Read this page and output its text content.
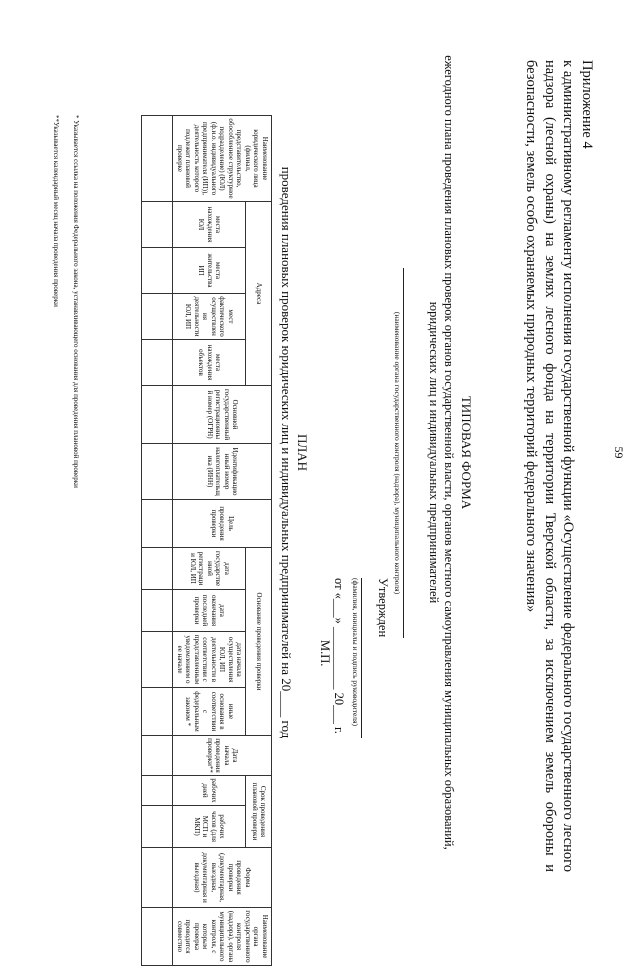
59
Приложение 4
к административному регламенту исполнения государственной функции «Осуществление федерального государственного лесного надзора (лесной охраны) на землях лесного фонда на территории Тверской области, за исключением земель обороны и безопасности, земель особо охраняемых природных территорий федерального значения»
ТИПОВАЯ ФОРМА
ежегодного плана проведения плановых проверок органов государственной власти, органов местного самоуправления муниципальных образований, юридических лиц и индивидуальных предпринимателей
(наименование органа государственного контроля (надзора), муниципального контроля)
Утвержден
(фамилия, инициалы и подпись руководителя)
от «___» __________ 20___ г.
М.П.
ПЛАН
проведения плановых проверок юридических лиц и индивидуальных предпринимателей на 20____ год
Наименование юридического лица (филиал, представительство, обособленное структурное подразделение) (ЮЛ) (ф.и.о. индивидуального предпринимателя (ИП)), деятельность которого подлежит плановой проверке	Адреса				Основной государственный регистрационный номер (ОГРН)	Идентификационный номер налогоплательщика (ИНН)	Цель проведения проверки	Основание проведения проверки				Дата начала проведения проверки**	Срок проведения плановой проверки		Форма проведения проверки (документарная, выездная, документарная и выездная)	Наименование органа государственного контроля (надзора), органа муниципального контроля, с которым проверка проводится совместно
	места нахождения ЮЛ	места жительства ИП	мест фактического осуществления деятельности ЮЛ, ИП	места нахождения объектов				дата государственной регистрации ЮЛ, ИП	дата окончания последней проверки	дата начала осуществления ЮЛ, ИП деятельности в соответствии с представленным уведомлением о ее начале	иные основания в соответствии с федеральным законом *		рабочих дней	рабочих часов (для МСП и МКП)		

* Указывается ссылка на положения Федерального закона, устанавливающего основания для проведения плановой проверки
**Указывается календарный месяц начала проведения проверки
